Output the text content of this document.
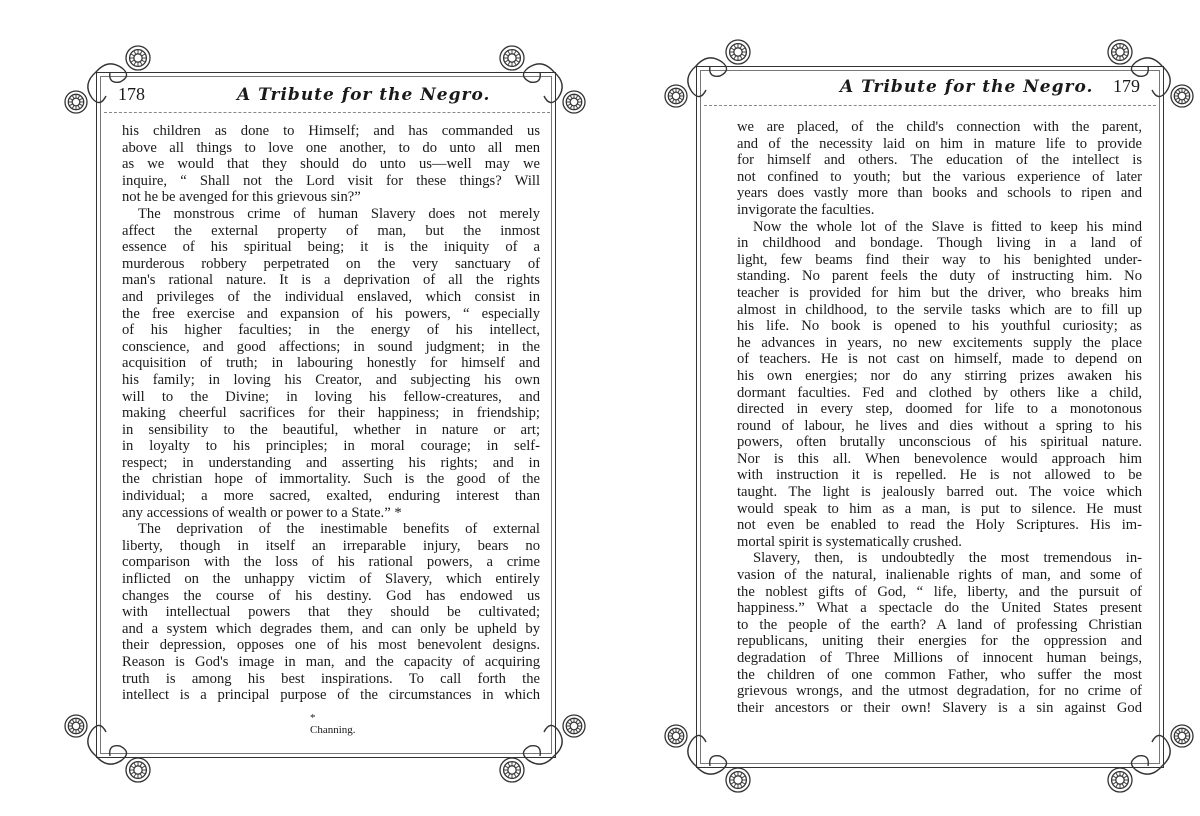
178	A Tribute for the Negro.
his children as done to Himself; and has commanded us
above all things to love one another, to do unto all men
as we would that they should do unto us—well may we
inquire, “ Shall not the Lord visit for these things? Will
not he be avenged for this grievous sin?”
The monstrous crime of human Slavery does not merely
affect the external property of man, but the inmost
essence of his spiritual being; it is the iniquity of a
murderous robbery perpetrated on the very sanctuary of
man's rational nature. It is a deprivation of all the rights
and privileges of the individual enslaved, which consist in
the free exercise and expansion of his powers, “ especially
of his higher faculties; in the energy of his intellect,
conscience, and good affections; in sound judgment; in the
acquisition of truth; in labouring honestly for himself and
his family; in loving his Creator, and subjecting his own
will to the Divine; in loving his fellow-creatures, and
making cheerful sacrifices for their happiness; in friendship;
in sensibility to the beautiful, whether in nature or art;
in loyalty to his principles; in moral courage; in self-
respect; in understanding and asserting his rights; and in
the christian hope of immortality. Such is the good of the
individual; a more sacred, exalted, enduring interest than
any accessions of wealth or power to a State.” *
The deprivation of the inestimable benefits of external
liberty, though in itself an irreparable injury, bears no
comparison with the loss of his rational powers, a crime
inflicted on the unhappy victim of Slavery, which entirely
changes the course of his destiny. God has endowed us
with intellectual powers that they should be cultivated;
and a system which degrades them, and can only be upheld by
their depression, opposes one of his most benevolent designs.
Reason is God's image in man, and the capacity of acquiring
truth is among his best inspirations. To call forth the
intellect is a principal purpose of the circumstances in which
* Channing.
A Tribute for the Negro. 179
we are placed, of the child's connection with the parent,
and of the necessity laid on him in mature life to provide
for himself and others. The education of the intellect is
not confined to youth; but the various experience of later
years does vastly more than books and schools to ripen and
invigorate the faculties.
Now the whole lot of the Slave is fitted to keep his mind
in childhood and bondage. Though living in a land of
light, few beams find their way to his benighted under-
standing. No parent feels the duty of instructing him. No
teacher is provided for him but the driver, who breaks him
almost in childhood, to the servile tasks which are to fill up
his life. No book is opened to his youthful curiosity; as
he advances in years, no new excitements supply the place
of teachers. He is not cast on himself, made to depend on
his own energies; nor do any stirring prizes awaken his
dormant faculties. Fed and clothed by others like a child,
directed in every step, doomed for life to a monotonous
round of labour, he lives and dies without a spring to his
powers, often brutally unconscious of his spiritual nature.
Nor is this all. When benevolence would approach him
with instruction it is repelled. He is not allowed to be
taught. The light is jealously barred out. The voice which
would speak to him as a man, is put to silence. He must
not even be enabled to read the Holy Scriptures. His im-
mortal spirit is systematically crushed.
Slavery, then, is undoubtedly the most tremendous in-
vasion of the natural, inalienable rights of man, and some of
the noblest gifts of God, “ life, liberty, and the pursuit of
happiness.” What a spectacle do the United States present
to the people of the earth? A land of professing Christian
republicans, uniting their energies for the oppression and
degradation of Three Millions of innocent human beings,
the children of one common Father, who suffer the most
grievous wrongs, and the utmost degradation, for no crime of
their ancestors or their own! Slavery is a sin against God
